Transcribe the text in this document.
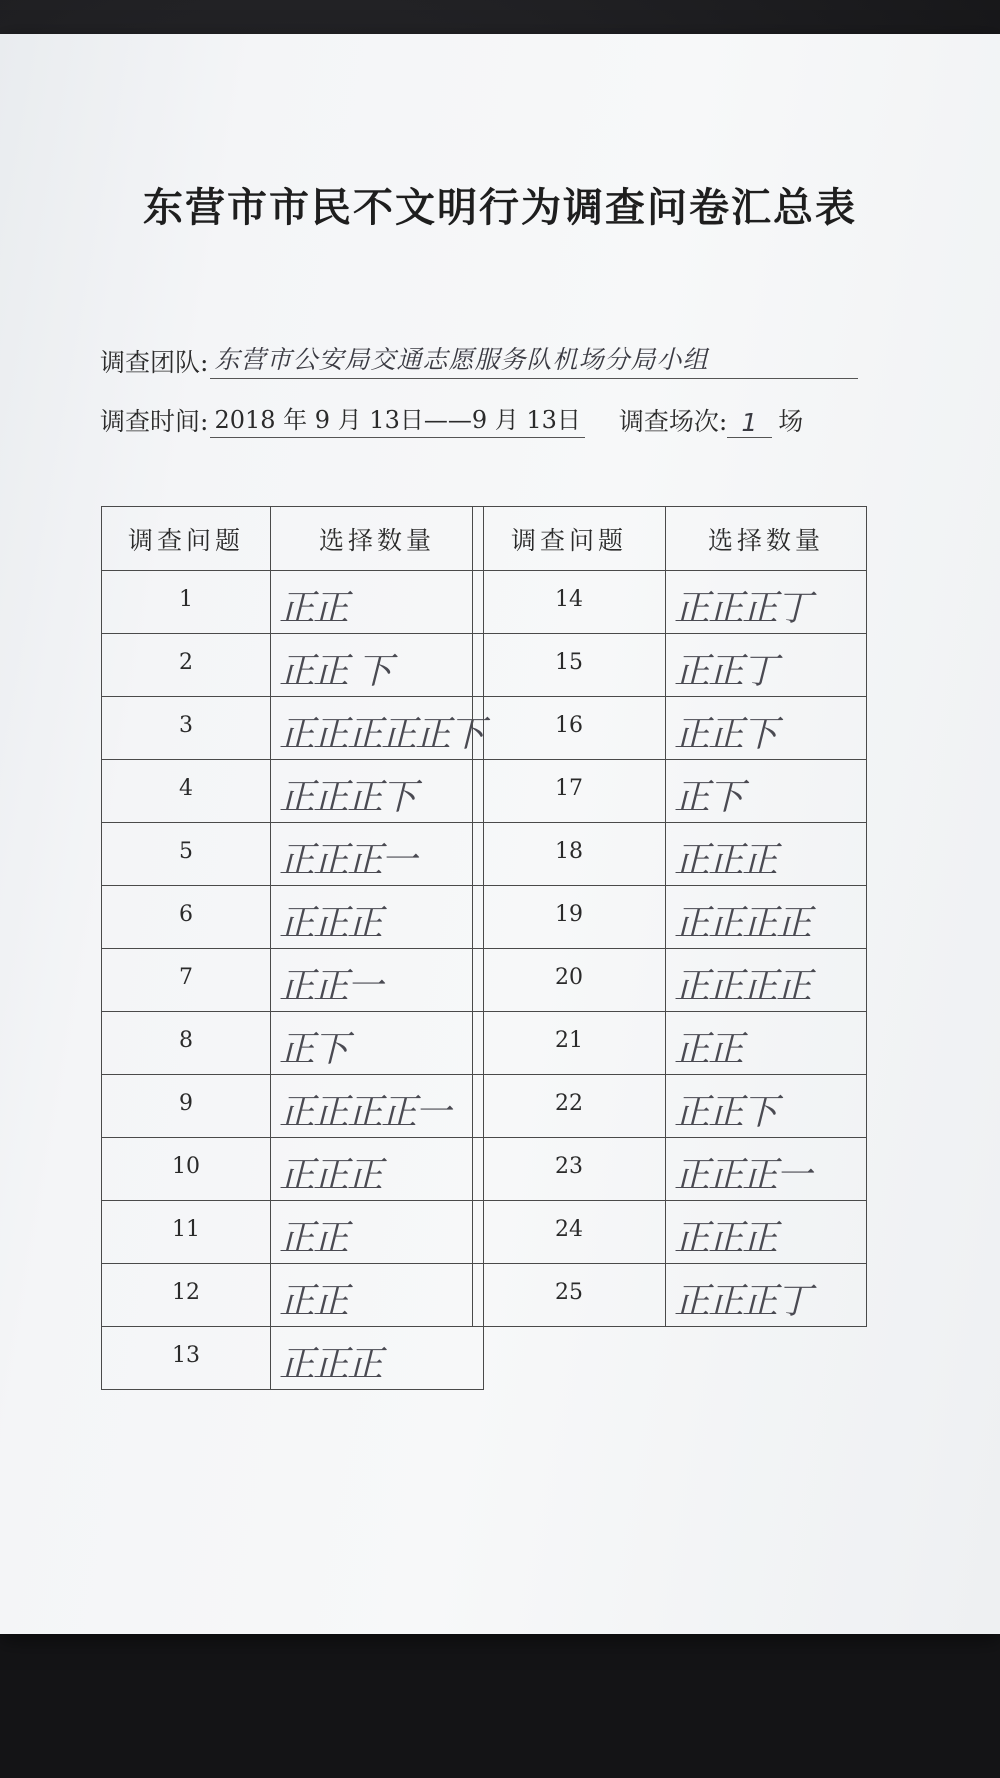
东营市市民不文明行为调查问卷汇总表
调查团队: 东营市公安局交通志愿服务队机场分局小组
调查时间: 2018 年 9 月 13日——9 月 13日 调查场次: 1 场
调查问题	选择数量
1	正正
2	正正 下
3	正正正正正下
4	正正正下
5	正正正一
6	正正正
7	正正一
8	正下
9	正正正正一
10	正正正
11	正正
12	正正
13	正正正
调查问题	选择数量
14	正正正丁
15	正正丁
16	正正下
17	正下
18	正正正
19	正正正正
20	正正正正
21	正正
22	正正下
23	正正正一
24	正正正
25	正正正丁
